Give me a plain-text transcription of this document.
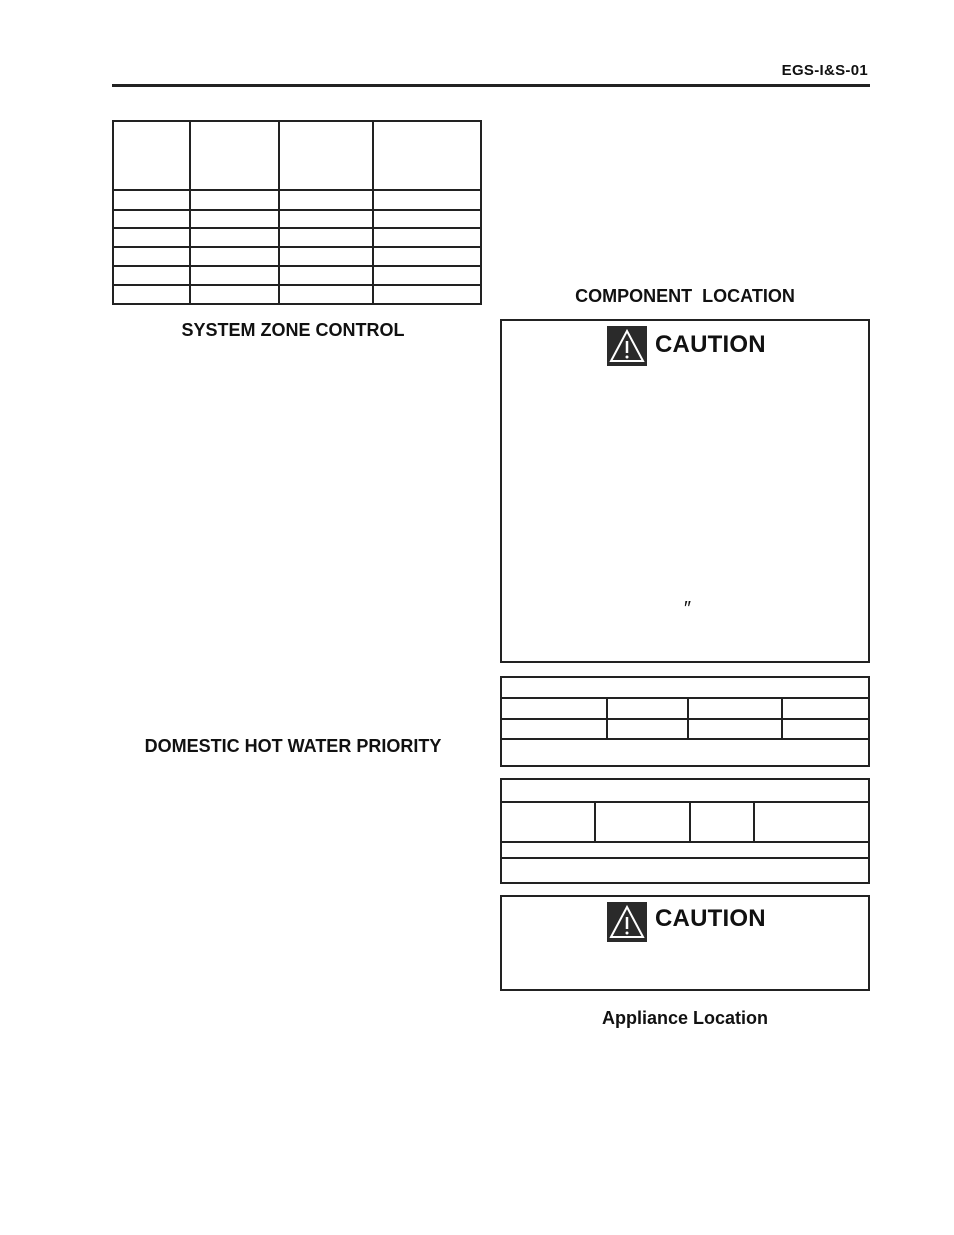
EGS-I&S-01
SYSTEM ZONE CONTROL
COMPONENT  LOCATION
DOMESTIC HOT WATER PRIORITY
Appliance Location
CAUTION
″
CAUTION
